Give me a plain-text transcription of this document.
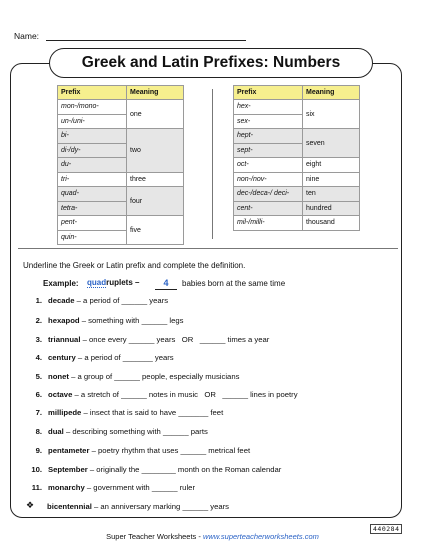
Name:
Greek and Latin Prefixes: Numbers
Prefix	Meaning
mon-/mono-	one
un-/uni-	
bi-	two
di-/dy-	
du-	
tri-	three
quad-	four
tetra-	
pent-	five
quin-	
Prefix	Meaning
hex-	six
sex-	
hept-	seven
sept-	
oct-	eight
non-/nov-	nine
dec-/deca-/ deci-	ten
cent-	hundred
mil-/milli-	thousand
Underline the Greek or Latin prefix and complete the definition.
Example: quadruplets –	4	babies born at the same time
1. decade – a period of ______ years
2. hexapod – something with ______ legs
3. triannual – once every ______ years   OR   ______ times a year
4. century – a period of _______ years
5. nonet – a group of ______ people, especially musicians
6. octave – a stretch of ______ notes in music   OR   ______ lines in poetry
7. millipede – insect that is said to have _______ feet
8. dual – describing something with ______ parts
9. pentameter – poetry rhythm that uses ______ metrical feet
10. September – originally the ________ month on the Roman calendar
11. monarchy – government with ______ ruler
❖ bicentennial – an anniversary marking ______ years
Super Teacher Worksheets - www.superteacherworksheets.com
440284
